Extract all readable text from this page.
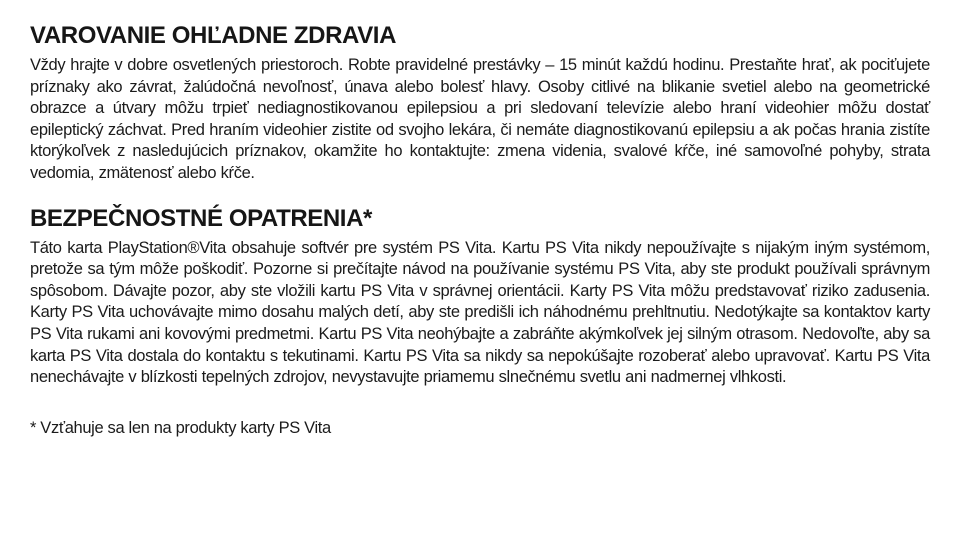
VAROVANIE OHĽADNE ZDRAVIA

Vždy hrajte v dobre osvetlených priestoroch. Robte pravidelné prestávky – 15 minút každú hodinu. Prestaňte hrať, ak pociťujete príznaky ako závrat, žalúdočná nevoľnosť, únava alebo bolesť hlavy. Osoby citlivé na blikanie svetiel alebo na geometrické obrazce a útvary môžu trpieť nediagnostikovanou epilepsiou a pri sledovaní televízie alebo hraní videohier môžu dostať epileptický záchvat. Pred hraním videohier zistite od svojho lekára, či nemáte diagnostikovanú epilepsiu a ak počas hrania zistíte ktorýkoľvek z nasledujúcich príznakov, okamžite ho kontaktujte: zmena videnia, svalové kŕče, iné samovoľné pohyby, strata vedomia, zmätenosť alebo kŕče.

BEZPEČNOSTNÉ OPATRENIA*

Táto karta PlayStation®Vita obsahuje softvér pre systém PS Vita. Kartu PS Vita nikdy nepoužívajte s nijakým iným systémom, pretože sa tým môže poškodiť. Pozorne si prečítajte návod na používanie systému PS Vita, aby ste produkt používali správnym spôsobom. Dávajte pozor, aby ste vložili kartu PS Vita v správnej orientácii. Karty PS Vita môžu predstavovať riziko zadusenia. Karty PS Vita uchovávajte mimo dosahu malých detí, aby ste predišli ich náhodnému prehltnutiu. Nedotýkajte sa kontaktov karty PS Vita rukami ani kovovými predmetmi. Kartu PS Vita neohýbajte a zabráňte akýmkoľvek jej silným otrasom. Nedovoľte, aby sa karta PS Vita dostala do kontaktu s tekutinami. Kartu PS Vita sa nikdy sa nepokúšajte rozoberať alebo upravovať. Kartu PS Vita nenechávajte v blízkosti tepelných zdrojov, nevystavujte priamemu slnečnému svetlu ani nadmernej vlhkosti.

* Vzťahuje sa len na produkty karty PS Vita
